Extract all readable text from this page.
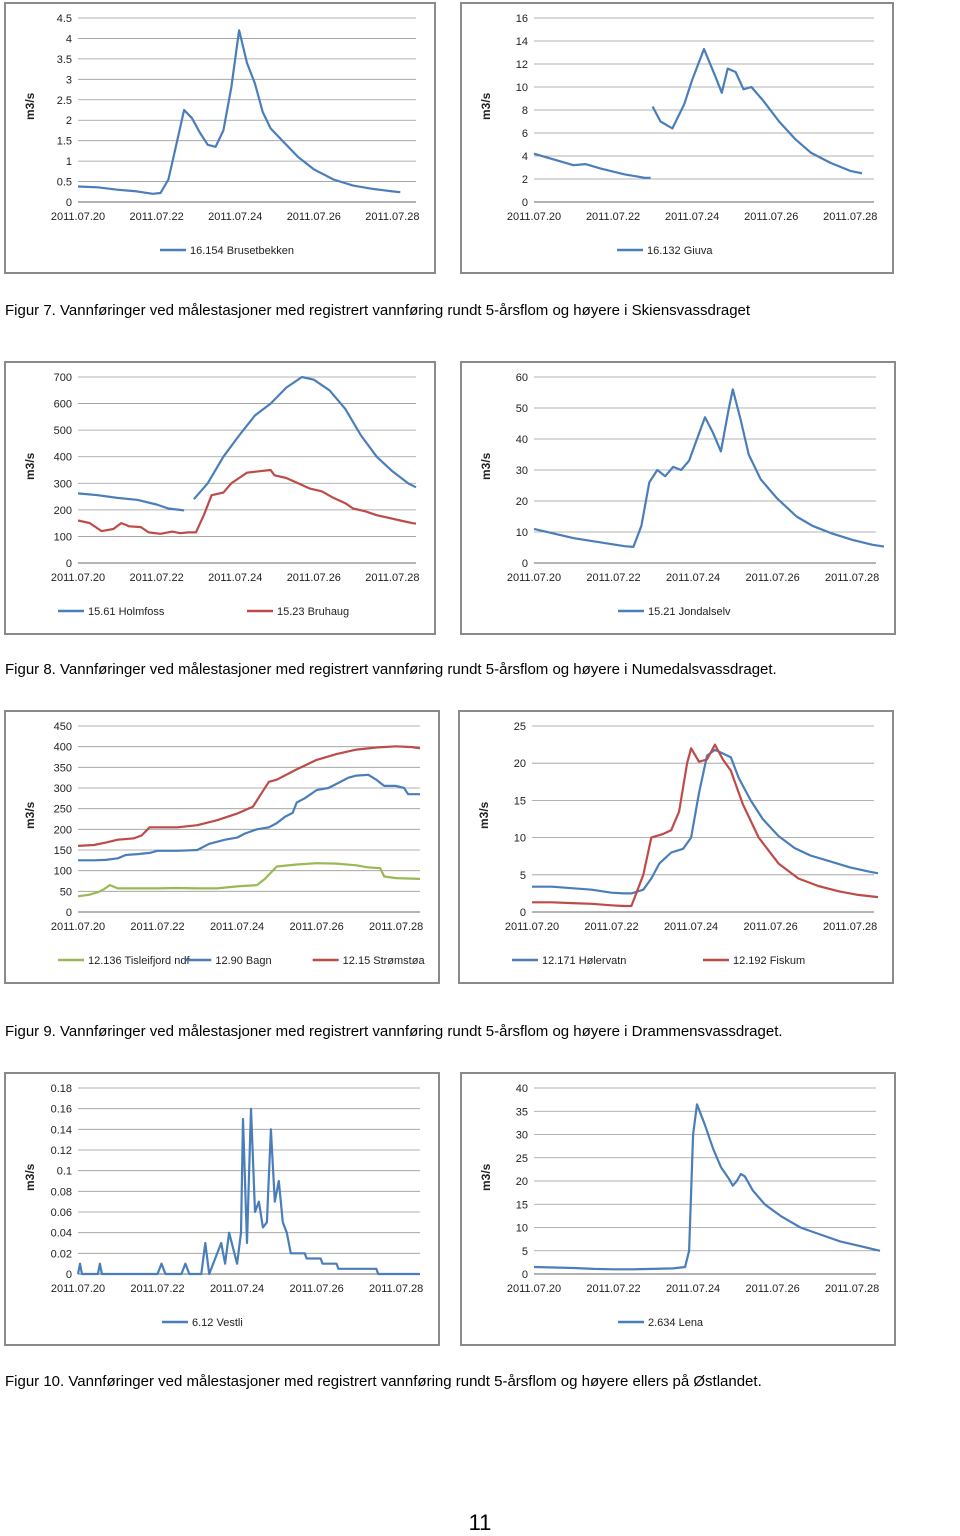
0
0.5
1
1.5
2
2.5
3
3.5
4
4.5
m3/s
2011.07.20 2011.07.22 2011.07.24 2011.07.26 2011.07.28
16.154 Brusetbekken
0
2
4
6
8
10
12
14
16
m3/s
2011.07.20 2011.07.22 2011.07.24 2011.07.26 2011.07.28
16.132 Giuva
Figur 7. Vannføringer ved målestasjoner med registrert vannføring rundt 5-årsflom og høyere i Skiensvassdraget
0
100
200
300
400
500
600
700
m3/s
2011.07.20 2011.07.22 2011.07.24 2011.07.26 2011.07.28
15.61 Holmfoss	15.23 Bruhaug
0
10
20
30
40
50
60
m3/s
2011.07.20 2011.07.22 2011.07.24 2011.07.26 2011.07.28
15.21 Jondalselv
Figur 8. Vannføringer ved målestasjoner med registrert vannføring rundt 5-årsflom og høyere i Numedalsvassdraget.
0
50
100
150
200
250
300
350
400
450
m3/s
2011.07.20 2011.07.22 2011.07.24 2011.07.26 2011.07.28
12.136 Tisleifjord ndf 12.90 Bagn	12.15 Strømstøa
0
5
10
15
20
25
m3/s
2011.07.20 2011.07.22 2011.07.24 2011.07.26 2011.07.28
12.171 Hølervatn	12.192 Fiskum
Figur 9. Vannføringer ved målestasjoner med registrert vannføring rundt 5-årsflom og høyere i Drammensvassdraget.
0
0.02
0.04
0.06
0.08
0.1
0.12
0.14
0.16
0.18
m3/s
2011.07.20 2011.07.22 2011.07.24 2011.07.26 2011.07.28
6.12 Vestli
0
5
10
15
20
25
30
35
40
m3/s
2011.07.20 2011.07.22 2011.07.24 2011.07.26 2011.07.28
2.634 Lena
Figur 10. Vannføringer ved målestasjoner med registrert vannføring rundt 5-årsflom og høyere ellers på Østlandet.
11
